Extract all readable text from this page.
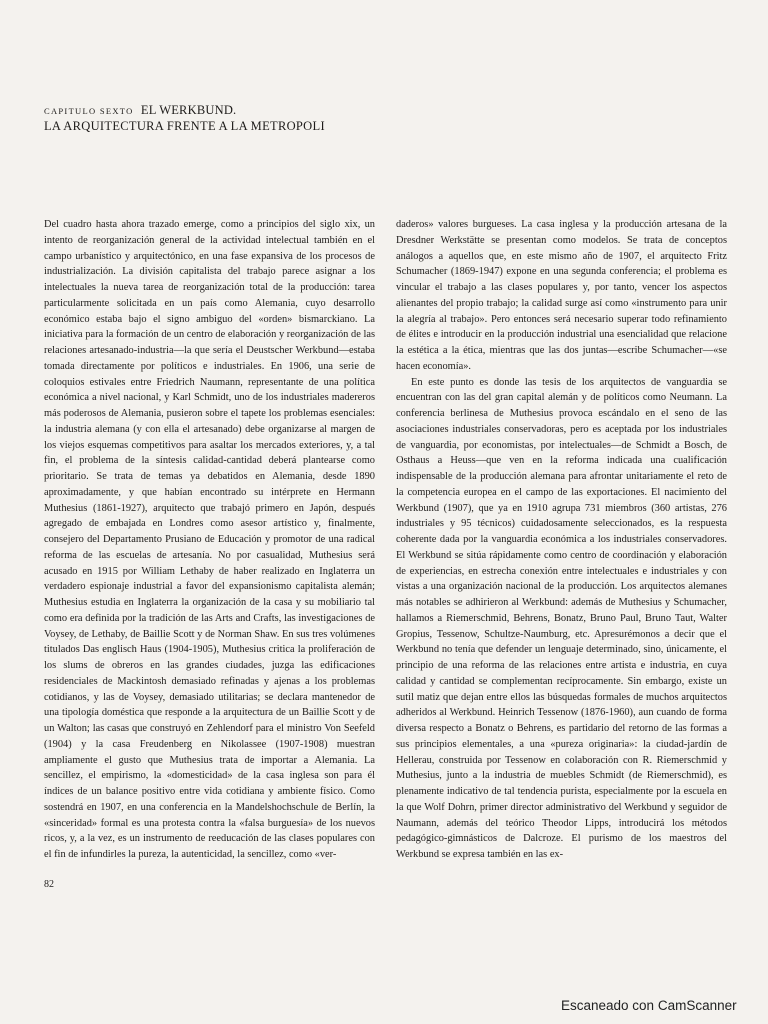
CAPITULO SEXTO EL WERKBUND.
LA ARQUITECTURA FRENTE A LA METROPOLI

Del cuadro hasta ahora trazado emerge, como a principios del siglo xix, un intento de reorganización general de la actividad intelectual también en el campo urbanístico y arquitectónico, en una fase expansiva de los procesos de industrialización. La división capitalista del trabajo parece asignar a los intelectuales la nueva tarea de reorganización total de la producción: tarea particularmente solicitada en un país como Alemania, cuyo desarrollo económico estaba bajo el signo ambiguo del «orden» bismarckiano. La iniciativa para la formación de un centro de elaboración y reorganización de las relaciones artesanado-industria—la que sería el Deustscher Werkbund—estaba tomada directamente por políticos e industriales. En 1906, una serie de coloquios estivales entre Friedrich Naumann, representante de una política económica a nivel nacional, y Karl Schmidt, uno de los industriales madereros más poderosos de Alemania, pusieron sobre el tapete los problemas esenciales: la industria alemana (y con ella el artesanado) debe organizarse al margen de los viejos esquemas competitivos para asaltar los mercados exteriores, y, a tal fin, el problema de la síntesis calidad-cantidad deberá plantearse como prioritario. Se trata de temas ya debatidos en Alemania, desde 1890 aproximadamente, y que habían encontrado su intérprete en Hermann Muthesius (1861-1927), arquitecto que trabajó primero en Japón, después agregado de embajada en Londres como asesor artístico y, finalmente, consejero del Departamento Prusiano de Educación y promotor de una radical reforma de las escuelas de artesanía. No por casualidad, Muthesius será acusado en 1915 por William Lethaby de haber realizado en Inglaterra un verdadero espionaje industrial a favor del expansionismo capitalista alemán; Muthesius estudia en Inglaterra la organización de la casa y su mobiliario tal como era definida por la tradición de las Arts and Crafts, las investigaciones de Voysey, de Lethaby, de Baillie Scott y de Norman Shaw. En sus tres volúmenes titulados Das englisch Haus (1904-1905), Muthesius critica la proliferación de los slums de obreros en las grandes ciudades, juzga las edificaciones residenciales de Mackintosh demasiado refinadas y ajenas a los problemas cotidianos, y las de Voysey, demasiado utilitarias; se declara mantenedor de una tipología doméstica que responde a la arquitectura de un Baillie Scott y de un Walton; las casas que construyó en Zehlendorf para el ministro Von Seefeld (1904) y la casa Freudenberg en Nikolassee (1907-1908) muestran ampliamente el gusto que Muthesius trata de importar a Alemania. La sencillez, el empirismo, la «domesticidad» de la casa inglesa son para él índices de un balance positivo entre vida cotidiana y ambiente físico. Como sostendrá en 1907, en una conferencia en la Mandelshochschule de Berlín, la «sinceridad» formal es una protesta contra la «falsa burguesía» de los nuevos ricos, y, a la vez, es un instrumento de reeducación de las clases populares con el fin de infundirles la pureza, la autenticidad, la sencillez, como «ver-

daderos» valores burgueses. La casa inglesa y la producción artesana de la Dresdner Werkstätte se presentan como modelos. Se trata de conceptos análogos a aquellos que, en este mismo año de 1907, el arquitecto Fritz Schumacher (1869-1947) expone en una segunda conferencia; el problema es vincular el trabajo a las clases populares y, por tanto, vencer los aspectos alienantes del propio trabajo; la calidad surge así como «instrumento para unir la alegría al trabajo». Pero entonces será necesario superar todo refinamiento de élites e introducir en la producción industrial una esencialidad que relacione la estética a la ética, mientras que las dos juntas—escribe Schumacher—«se hacen economía».

En este punto es donde las tesis de los arquitectos de vanguardia se encuentran con las del gran capital alemán y de políticos como Neumann. La conferencia berlinesa de Muthesius provoca escándalo en el seno de las asociaciones industriales conservadoras, pero es aceptada por los industriales de vanguardia, por economistas, por intelectuales—de Schmidt a Bosch, de Osthaus a Heuss—que ven en la reforma indicada una cualificación indispensable de la producción alemana para afrontar unitariamente el reto de la competencia europea en el campo de las exportaciones. El nacimiento del Werkbund (1907), que ya en 1910 agrupa 731 miembros (360 artistas, 276 industriales y 95 técnicos) cuidadosamente seleccionados, es la respuesta coherente dada por la vanguardia económica a los industriales conservadores. El Werkbund se sitúa rápidamente como centro de coordinación y elaboración de experiencias, en estrecha conexión entre intelectuales e industriales y con vistas a una organización nacional de la producción. Los arquitectos alemanes más notables se adhirieron al Werkbund: además de Muthesius y Schumacher, hallamos a Riemerschmid, Behrens, Bonatz, Bruno Paul, Bruno Taut, Walter Gropius, Tessenow, Schultze-Naumburg, etc. Apresurémonos a decir que el Werkbund no tenía que defender un lenguaje determinado, sino, únicamente, el principio de una reforma de las relaciones entre artista e industria, en cuya calidad y cantidad se complementan recíprocamente. Sin embargo, existe un sutil matiz que dejan entre ellos las búsquedas formales de muchos arquitectos adheridos al Werkbund. Heinrich Tessenow (1876-1960), aun cuando de forma diversa respecto a Bonatz o Behrens, es partidario del retorno de las formas a sus principios elementales, a una «pureza originaria»: la ciudad-jardín de Hellerau, construida por Tessenow en colaboración con R. Riemerschmid y Muthesius, junto a la industria de muebles Schmidt (de Riemerschmid), es plenamente indicativo de tal tendencia purista, especialmente por la escuela en la que Wolf Dohrn, primer director administrativo del Werkbund y seguidor de Naumann, además del teórico Theodor Lipps, introducirá los métodos pedagógico-gimnásticos de Dalcroze. El purismo de los maestros del Werkbund se expresa también en las ex-

82
Escaneado con CamScanner
